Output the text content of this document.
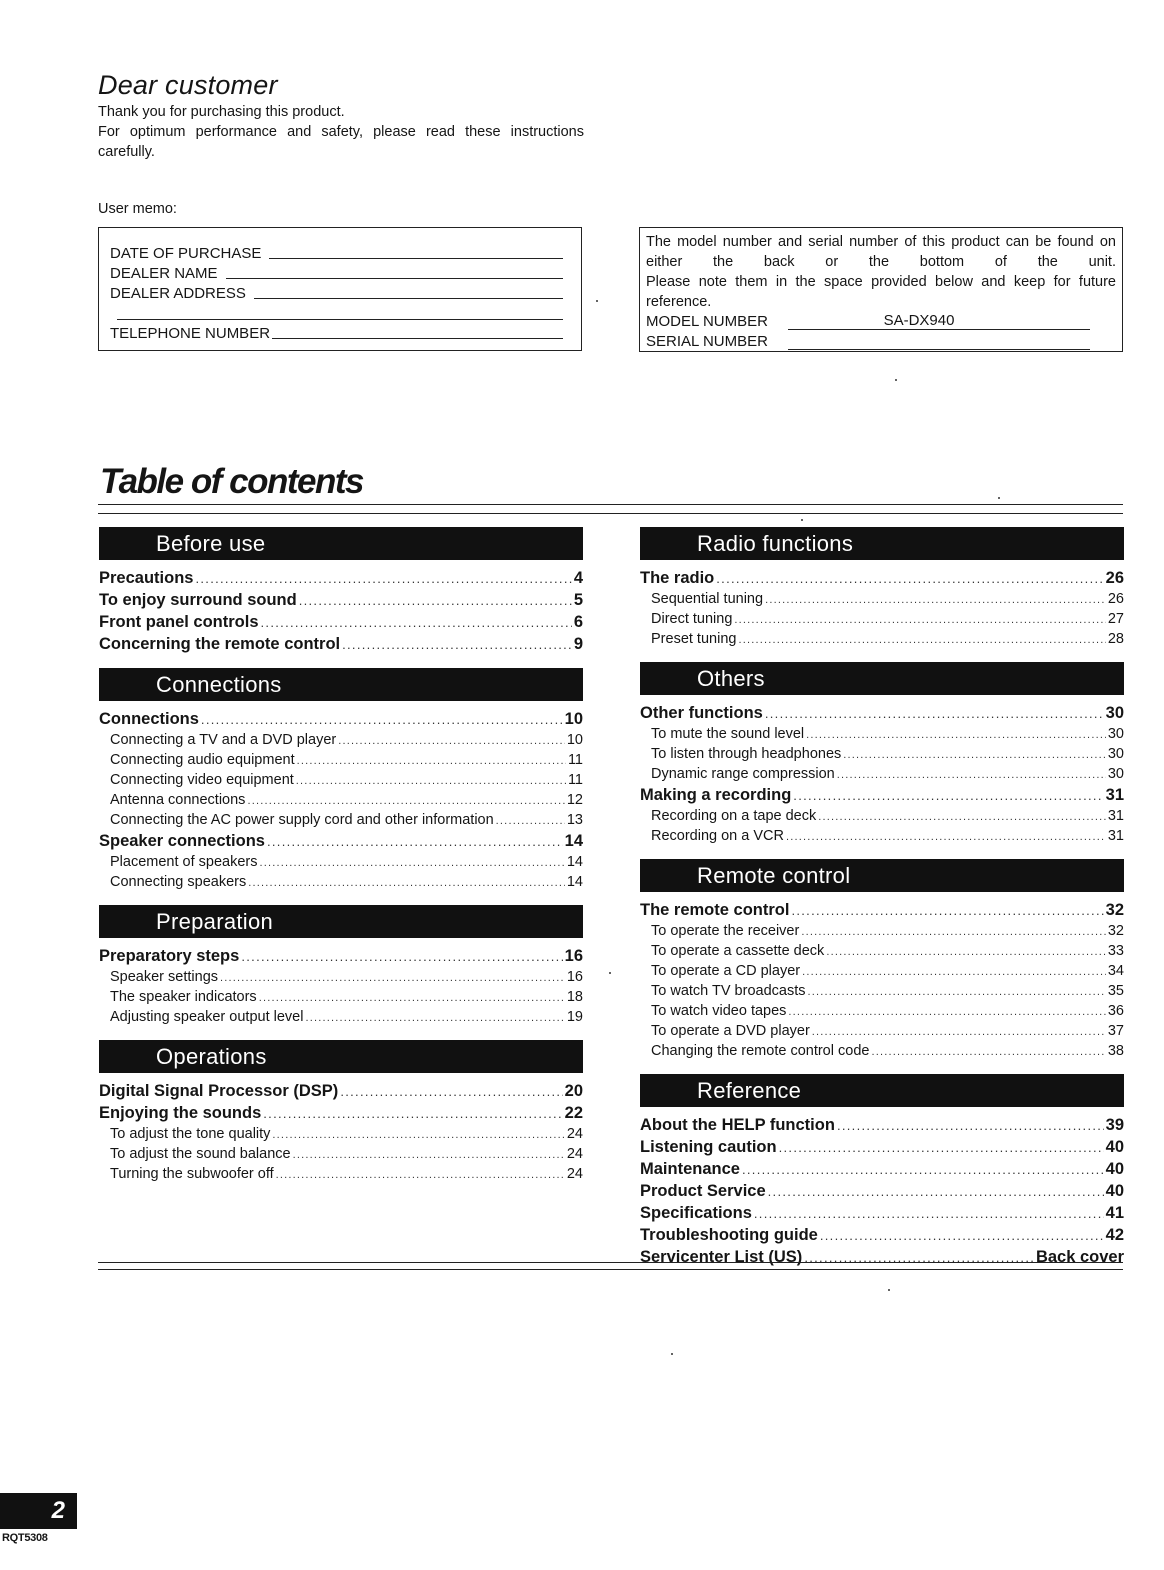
Dear customer

Thank you for purchasing this product.

For optimum performance and safety, please read these instructions carefully.

User memo:
DATE OF PURCHASE
DEALER NAME
DEALER ADDRESS
TELEPHONE NUMBER

The model number and serial number of this product can be found on either the back or the bottom of the unit.

Please note them in the space provided below and keep for future reference.

MODEL NUMBER	SA-DX940
SERIAL NUMBER
Table of contents
Before use
Precautions .....	4
To enjoy surround sound .....	5
Front panel controls .....	6
Concerning the remote control .....	9
Connections
Connections .....	10
Connecting a TV and a DVD player .....	10
Connecting audio equipment .....	11
Connecting video equipment .....	11
Antenna connections .....	12
Connecting the AC power supply cord and other information .....	13
Speaker connections .....	14
Placement of speakers .....	14
Connecting speakers .....	14
Preparation
Preparatory steps .....	16
Speaker settings .....	16
The speaker indicators .....	18
Adjusting speaker output level .....	19
Operations
Digital Signal Processor (DSP) .....	20
Enjoying the sounds .....	22
To adjust the tone quality .....	24
To adjust the sound balance .....	24
Turning the subwoofer off .....	24
Radio functions
The radio .....	26
Sequential tuning .....	26
Direct tuning .....	27
Preset tuning .....	28
Others
Other functions .....	30
To mute the sound level .....	30
To listen through headphones .....	30
Dynamic range compression .....	30
Making a recording .....	31
Recording on a tape deck .....	31
Recording on a VCR .....	31
Remote control
The remote control .....	32
To operate the receiver .....	32
To operate a cassette deck .....	33
To operate a CD player .....	34
To watch TV broadcasts .....	35
To watch video tapes .....	36
To operate a DVD player .....	37
Changing the remote control code .....	38
Reference
About the HELP function .....	39
Listening caution .....	40
Maintenance .....	40
Product Service .....	40
Specifications .....	41
Troubleshooting guide .....	42
Servicenter List (US) .....	Back cover
2
RQT5308
